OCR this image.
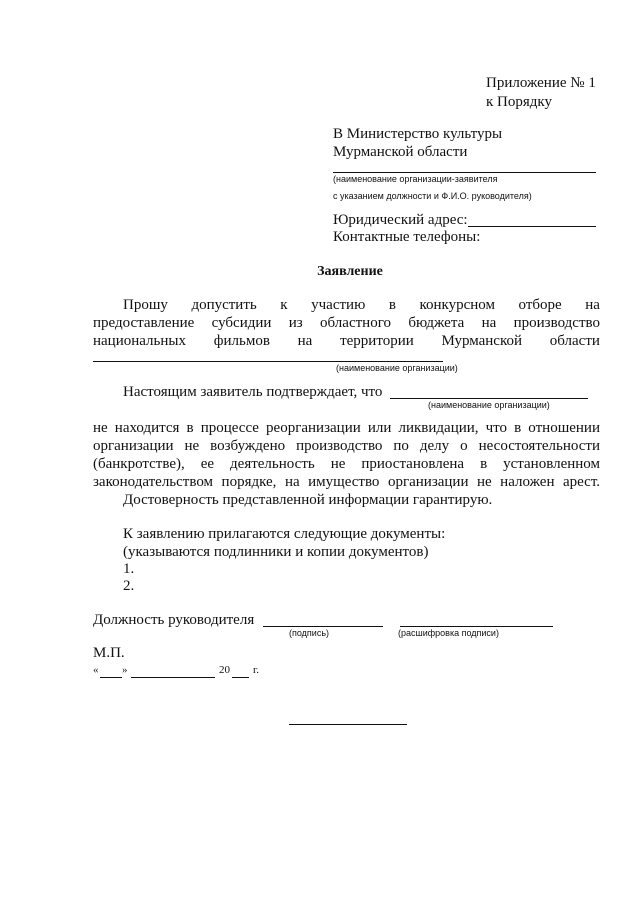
Приложение № 1
к Порядку
В Министерство культуры
Мурманской области
(наименование организации-заявителя
с указанием должности и Ф.И.О. руководителя)
Юридический адрес:
Контактные телефоны:
Заявление
Прошу допустить к участию в конкурсном отборе на
предоставление субсидии из областного бюджета на производство
национальных фильмов на территории Мурманской области
(наименование организации)
Настоящим заявитель подтверждает, что
(наименование организации)
не находится в процессе реорганизации или ликвидации, что в отношении
организации не возбуждено производство по делу о несостоятельности
(банкротстве), ее деятельность не приостановлена в установленном
законодательством порядке, на имущество организации не наложен арест.
Достоверность представленной информации гарантирую.
К заявлению прилагаются следующие документы:
(указываются подлинники и копии документов)
1.
2.
Должность руководителя
(подпись)	(расшифровка подписи)
М.П.
« »	20 г.
